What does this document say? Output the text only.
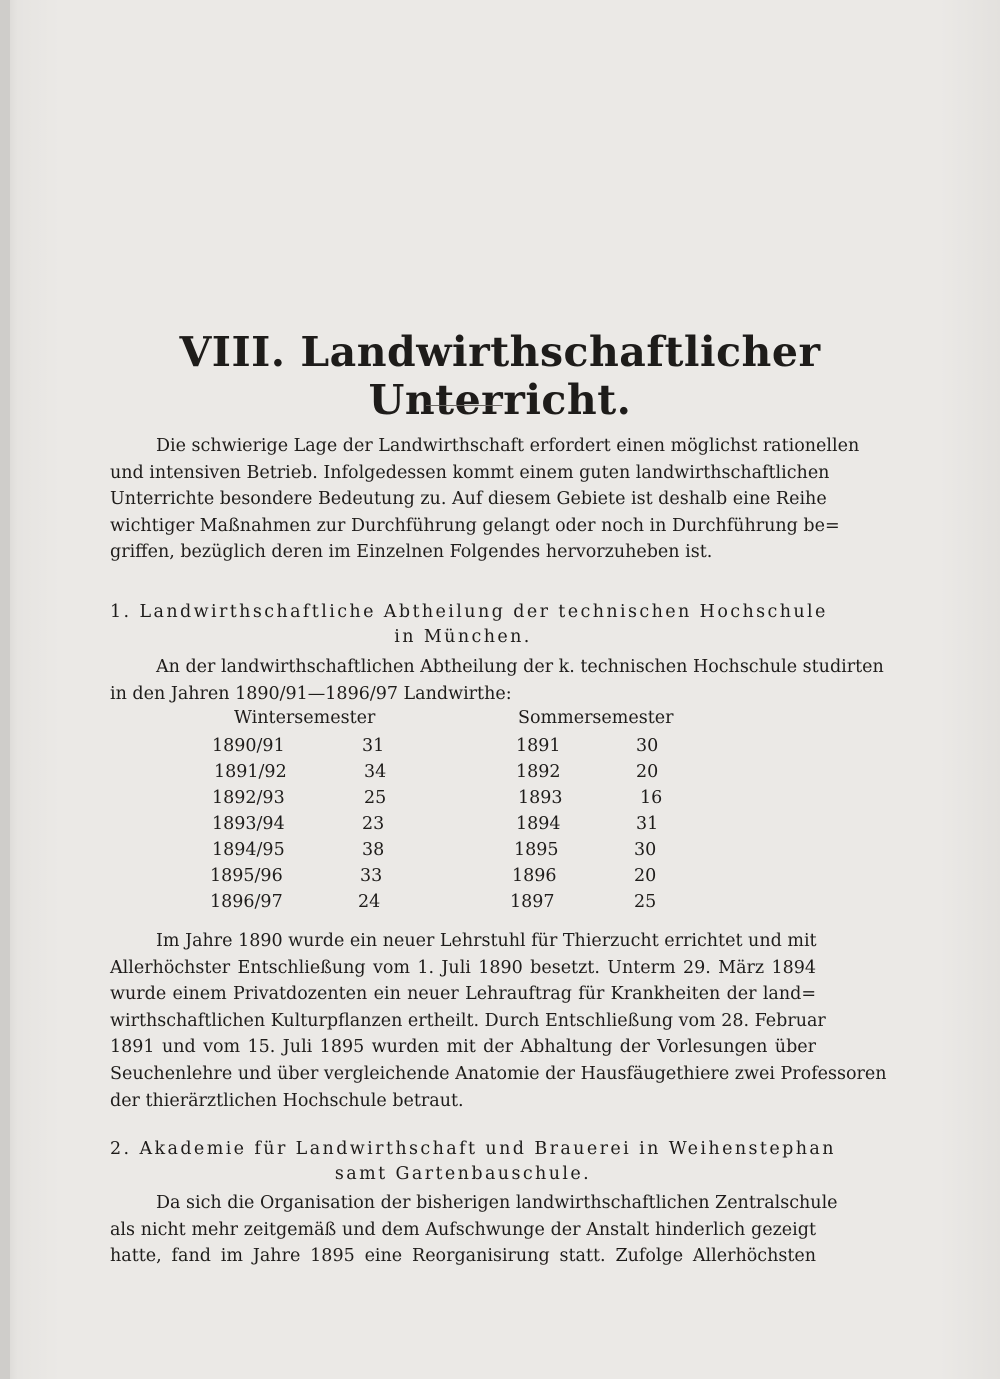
VIII. Landwirthschaftlicher Unterricht.
Die schwierige Lage der Landwirthschaft erfordert einen möglichst rationellen
und intensiven Betrieb. Infolgedessen kommt einem guten landwirthschaftlichen
Unterrichte besondere Bedeutung zu. Auf diesem Gebiete ist deshalb eine Reihe
wichtiger Maßnahmen zur Durchführung gelangt oder noch in Durchführung be=
griffen, bezüglich deren im Einzelnen Folgendes hervorzuheben ist.
1. Landwirthschaftliche Abtheilung der technischen Hochschule
in München.
An der landwirthschaftlichen Abtheilung der k. technischen Hochschule studirten
in den Jahren 1890/91—1896/97 Landwirthe:
Wintersemester	Sommersemester
1890/91	31	1891	30
1891/92	34	1892	20
1892/93	25	1893	16
1893/94	23	1894	31
1894/95	38	1895	30
1895/96	33	1896	20
1896/97	24	1897	25
Im Jahre 1890 wurde ein neuer Lehrstuhl für Thierzucht errichtet und mit
Allerhöchster Entschließung vom 1. Juli 1890 besetzt. Unterm 29. März 1894
wurde einem Privatdozenten ein neuer Lehrauftrag für Krankheiten der land=
wirthschaftlichen Kulturpflanzen ertheilt. Durch Entschließung vom 28. Februar
1891 und vom 15. Juli 1895 wurden mit der Abhaltung der Vorlesungen über
Seuchenlehre und über vergleichende Anatomie der Hausfäugethiere zwei Professoren
der thierärztlichen Hochschule betraut.
2. Akademie für Landwirthschaft und Brauerei in Weihenstephan
samt Gartenbauschule.
Da sich die Organisation der bisherigen landwirthschaftlichen Zentralschule
als nicht mehr zeitgemäß und dem Aufschwunge der Anstalt hinderlich gezeigt
hatte, fand im Jahre 1895 eine Reorganisirung statt. Zufolge Allerhöchsten
